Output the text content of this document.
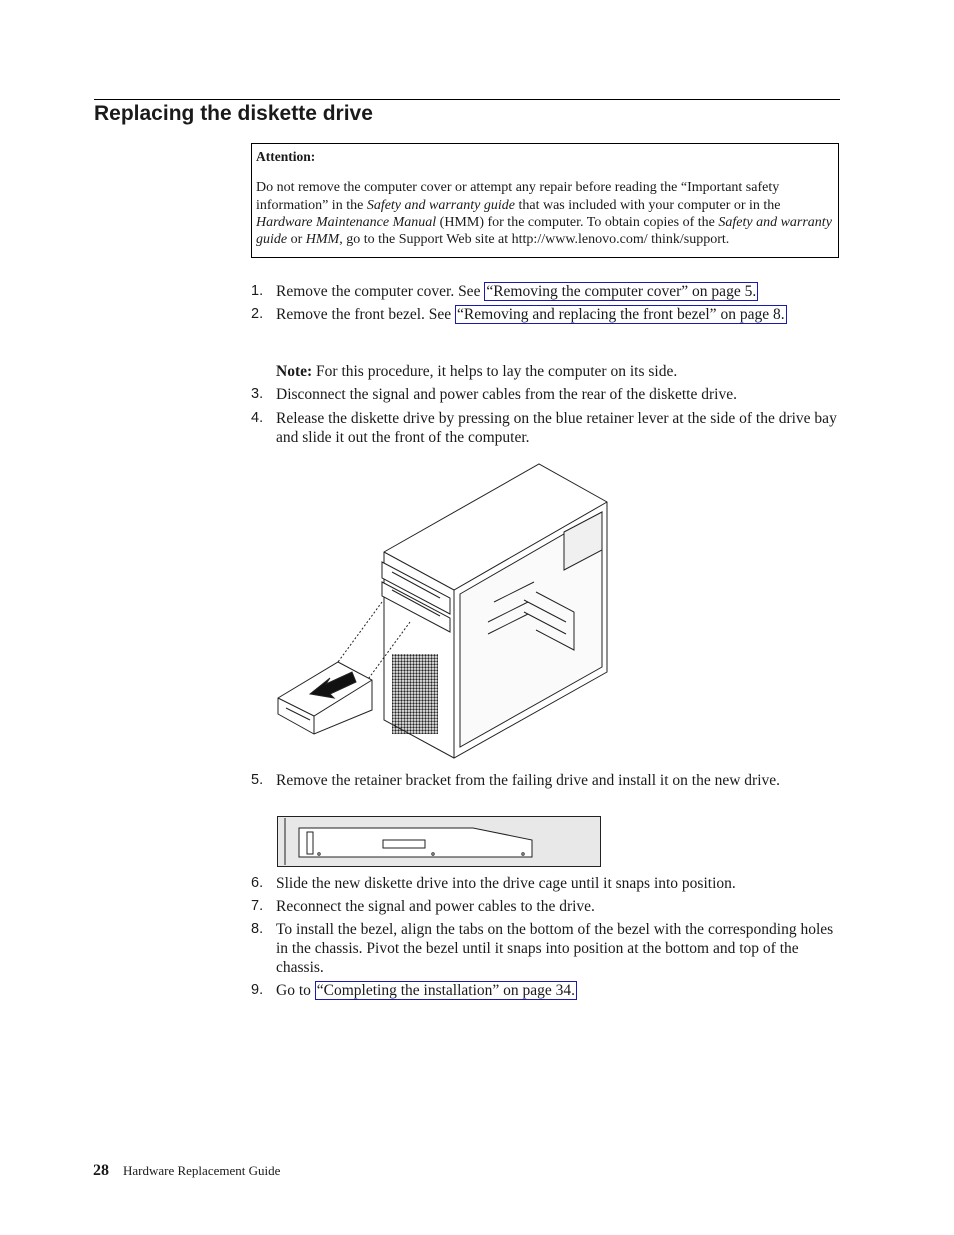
Replacing the diskette drive
Attention:
Do not remove the computer cover or attempt any repair before reading the “Important safety information” in the Safety and warranty guide that was included with your computer or in the Hardware Maintenance Manual (HMM) for the computer. To obtain copies of the Safety and warranty guide or HMM, go to the Support Web site at http://www.lenovo.com/ think/support.
1. Remove the computer cover. See “Removing the computer cover” on page 5.
2. Remove the front bezel. See “Removing and replacing the front bezel” on page 8.
Note: For this procedure, it helps to lay the computer on its side.
3. Disconnect the signal and power cables from the rear of the diskette drive.
4. Release the diskette drive by pressing on the blue retainer lever at the side of the drive bay and slide it out the front of the computer.
5. Remove the retainer bracket from the failing drive and install it on the new drive.
6. Slide the new diskette drive into the drive cage until it snaps into position.
7. Reconnect the signal and power cables to the drive.
8. To install the bezel, align the tabs on the bottom of the bezel with the corresponding holes in the chassis. Pivot the bezel until it snaps into position at the bottom and top of the chassis.
9. Go to “Completing the installation” on page 34.
28 Hardware Replacement Guide
